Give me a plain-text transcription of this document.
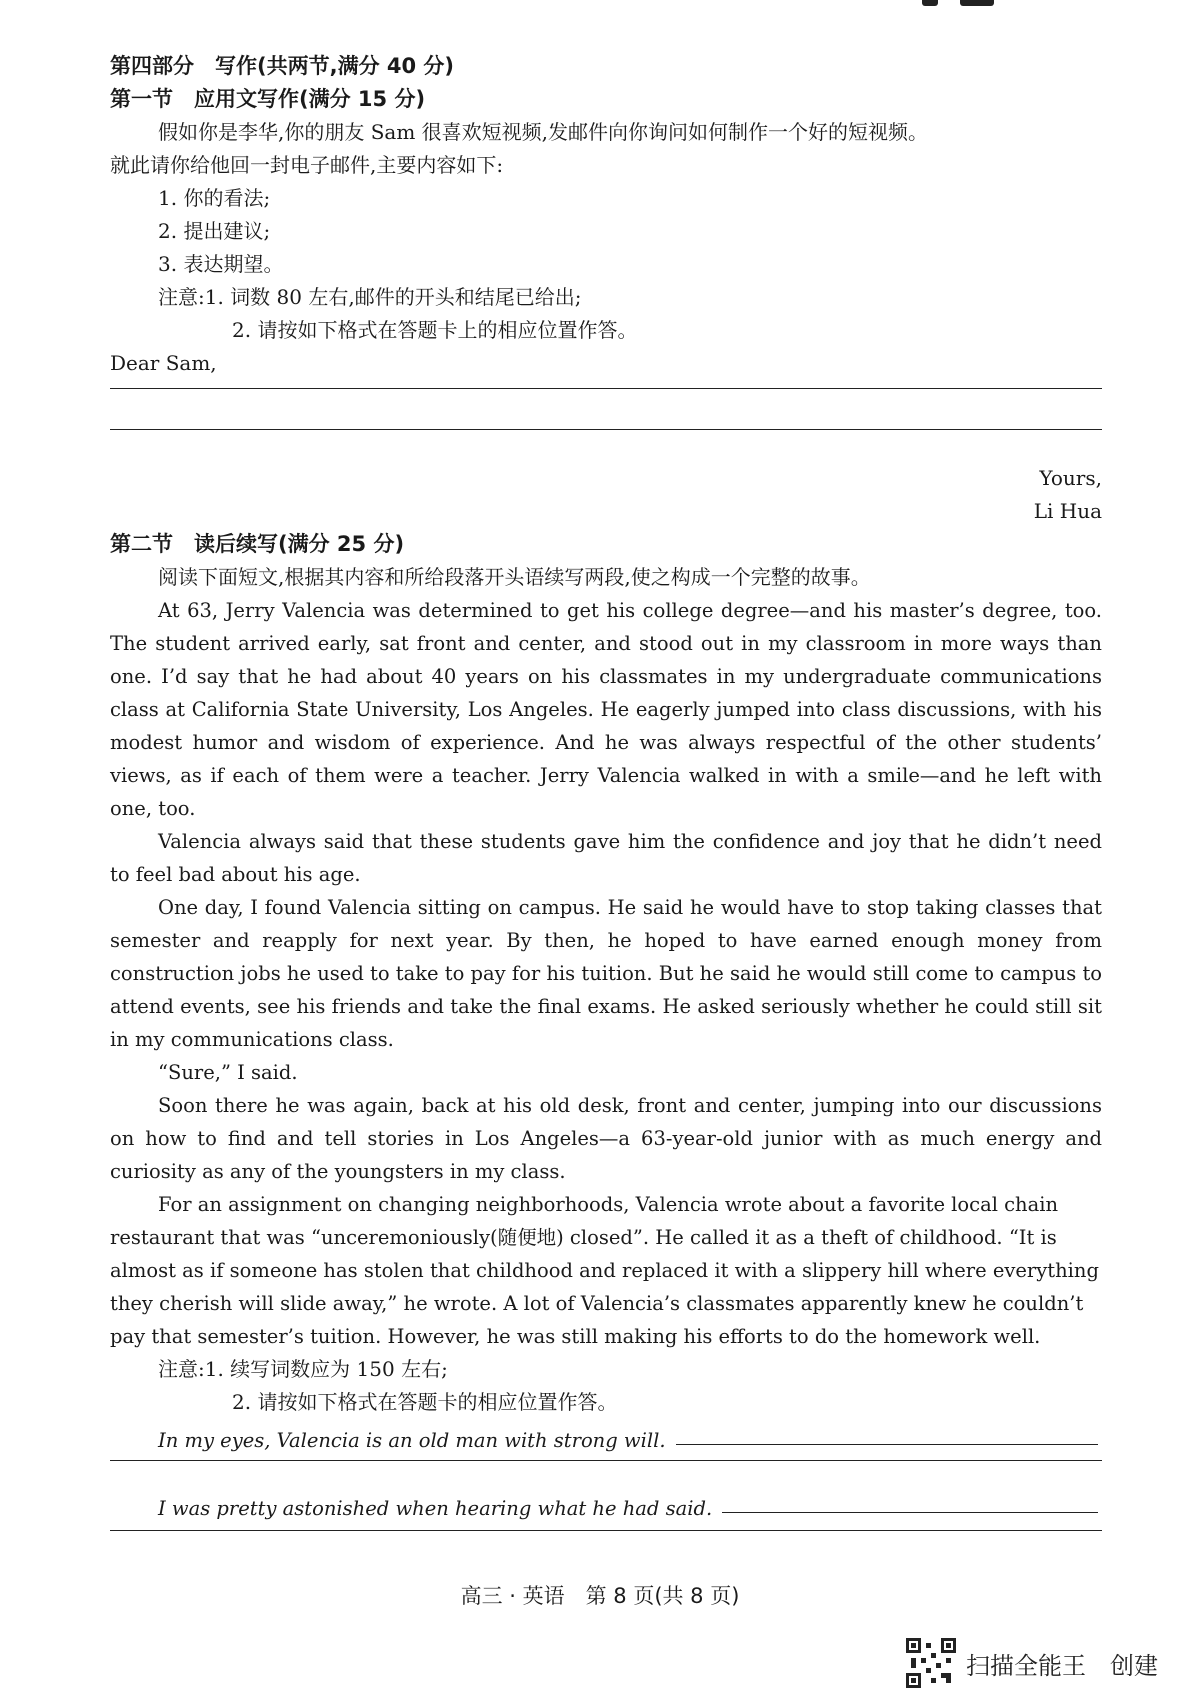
第四部分　写作(共两节,满分 40 分)
第一节　应用文写作(满分 15 分)
假如你是李华,你的朋友 Sam 很喜欢短视频,发邮件向你询问如何制作一个好的短视频。
就此请你给他回一封电子邮件,主要内容如下:
1. 你的看法;
2. 提出建议;
3. 表达期望。
注意:1. 词数 80 左右,邮件的开头和结尾已给出;
2. 请按如下格式在答题卡上的相应位置作答。
Dear Sam,
Yours,
Li Hua
第二节　读后续写(满分 25 分)
阅读下面短文,根据其内容和所给段落开头语续写两段,使之构成一个完整的故事。

At 63, Jerry Valencia was determined to get his college degree—and his master’s degree, too. The student arrived early, sat front and center, and stood out in my classroom in more ways than one. I’d say that he had about 40 years on his classmates in my undergraduate communications class at California State University, Los Angeles. He eagerly jumped into class discussions, with his modest humor and wisdom of experience. And he was always respectful of the other students’ views, as if each of them were a teacher. Jerry Valencia walked in with a smile—and he left with one, too.

Valencia always said that these students gave him the confidence and joy that he didn’t need to feel bad about his age.

One day, I found Valencia sitting on campus. He said he would have to stop taking classes that semester and reapply for next year. By then, he hoped to have earned enough money from construction jobs he used to take to pay for his tuition. But he said he would still come to campus to attend events, see his friends and take the final exams. He asked seriously whether he could still sit in my communications class.

“Sure,” I said.

Soon there he was again, back at his old desk, front and center, jumping into our discussions on how to find and tell stories in Los Angeles—a 63-year-old junior with as much energy and curiosity as any of the youngsters in my class.

For an assignment on changing neighborhoods, Valencia wrote about a favorite local chain restaurant that was “unceremoniously(随便地) closed”. He called it as a theft of childhood. “It is almost as if someone has stolen that childhood and replaced it with a slippery hill where everything they cherish will slide away,” he wrote. A lot of Valencia’s classmates apparently knew he couldn’t pay that semester’s tuition. However, he was still making his efforts to do the homework well.

注意:1. 续写词数应为 150 左右;
2. 请按如下格式在答题卡的相应位置作答。
In my eyes, Valencia is an old man with strong will.
I was pretty astonished when hearing what he had said.
高三 · 英语　第 8 页(共 8 页)
扫描全能王　创建
